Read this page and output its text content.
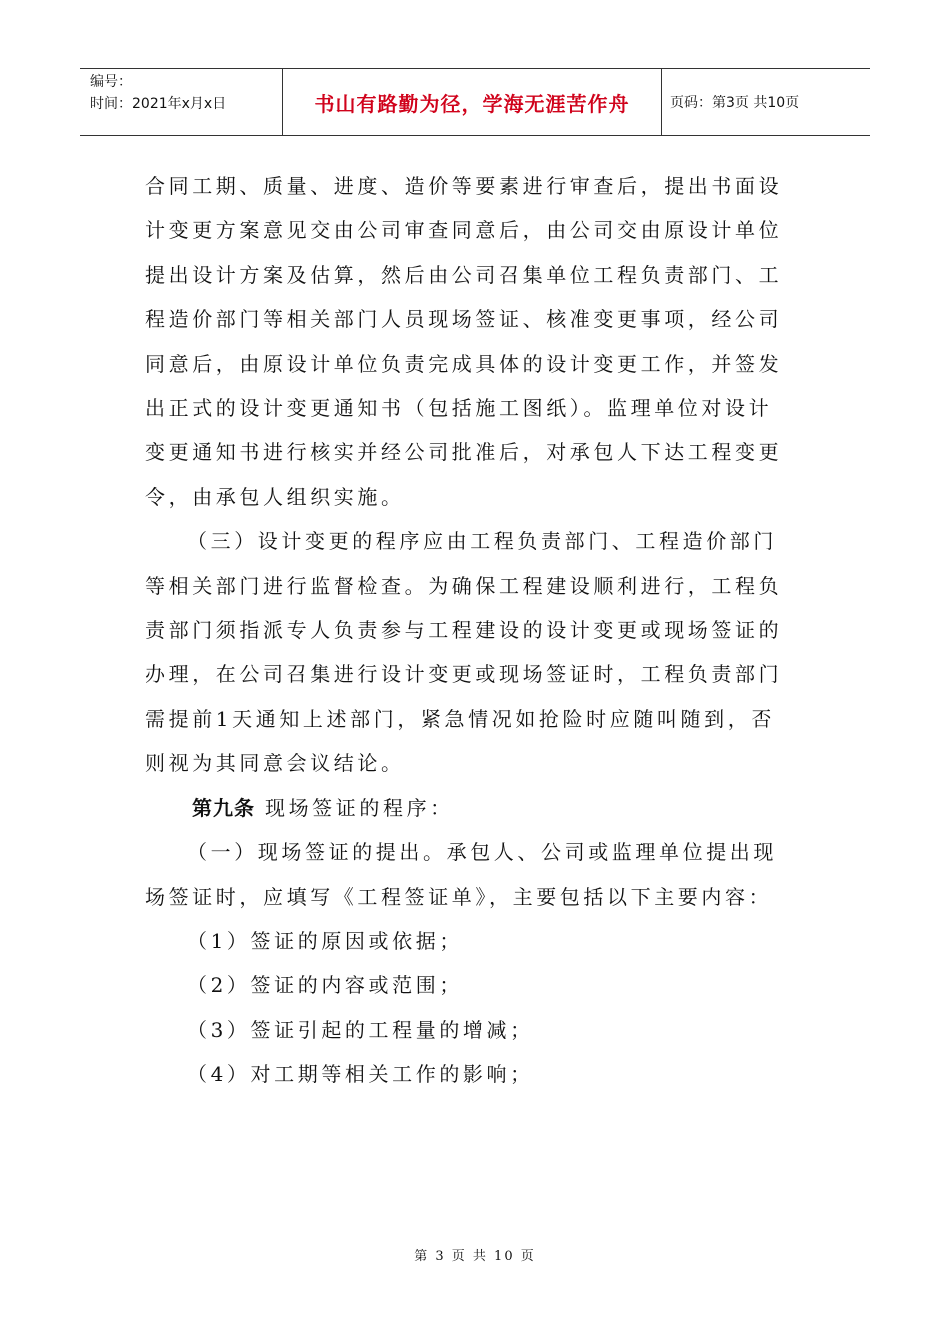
编号：
时间：2021年x月x日	书山有路勤为径，学海无涯苦作舟	页码：第3页 共10页

合同工期、质量、进度、造价等要素进行审查后，提出书面设

计变更方案意见交由公司审查同意后，由公司交由原设计单位

提出设计方案及估算，然后由公司召集单位工程负责部门、工

程造价部门等相关部门人员现场签证、核准变更事项，经公司

同意后，由原设计单位负责完成具体的设计变更工作，并签发

出正式的设计变更通知书（包括施工图纸）。监理单位对设计

变更通知书进行核实并经公司批准后，对承包人下达工程变更

令，由承包人组织实施。

（三）设计变更的程序应由工程负责部门、工程造价部门

等相关部门进行监督检查。为确保工程建设顺利进行，工程负

责部门须指派专人负责参与工程建设的设计变更或现场签证的

办理，在公司召集进行设计变更或现场签证时，工程负责部门

需提前1天通知上述部门，紧急情况如抢险时应随叫随到，否

则视为其同意会议结论。

第九条 现场签证的程序：

（一）现场签证的提出。承包人、公司或监理单位提出现

场签证时，应填写《工程签证单》，主要包括以下主要内容：

（1）签证的原因或依据；

（2）签证的内容或范围；

（3）签证引起的工程量的增减；

（4）对工期等相关工作的影响；

第 3 页 共 10 页
